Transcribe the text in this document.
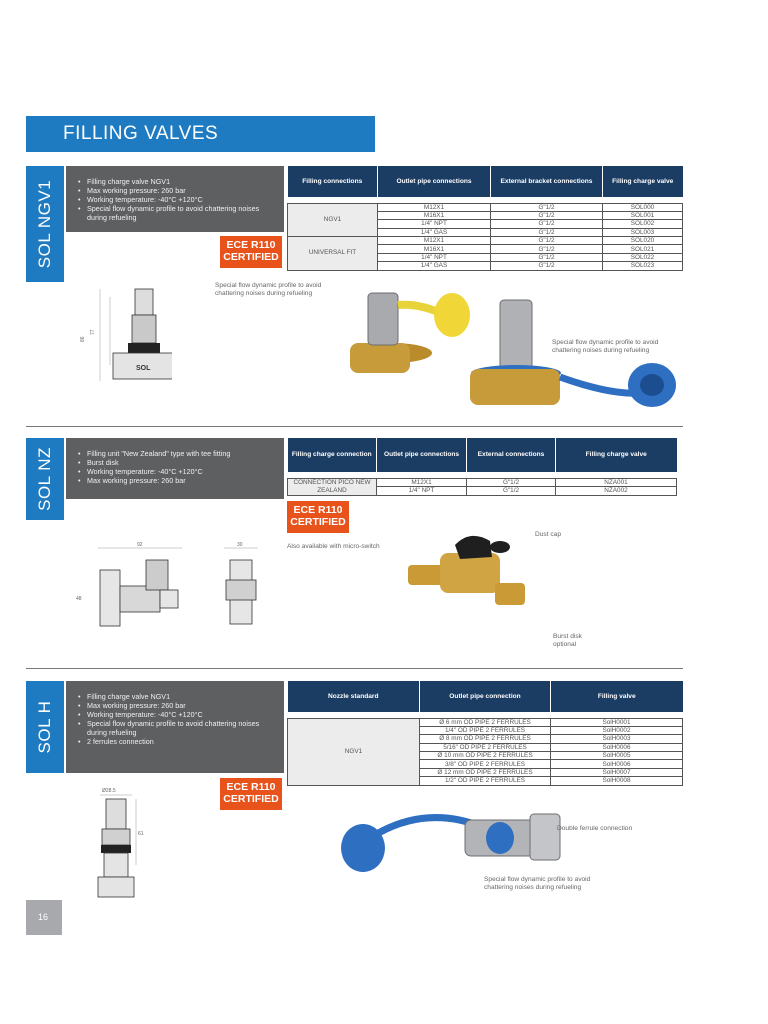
FILLING VALVES
SOL NGV1	• Filling charge valve NGV1
• Max working pressure: 260 bar
• Working temperature: -40°C +120°C
• Special flow dynamic profile to avoid chattering noises during refueling
ECE R110
CERTIFIED
Filling connections	Outlet pipe connections	External bracket connections	Filling charge valve

NGV1	M12X1	G"1/2	SOL000
	M16X1	G"1/2	SOL001
	1/4" NPT	G"1/2	SOL002
	1/4" GAS	G"1/2	SOL003
UNIVERSAL FIT	M12X1	G"1/2	SOL020
	M16X1	G"1/2	SOL021
	1/4" NPT	G"1/2	SOL022
	1/4" GAS	G"1/2	SOL023
86
77
SOL
Special flow dynamic profile to avoid chattering noises during refueling
Special flow dynamic profile to avoid chattering noises during refueling
SOL NZ	• Filling unit "New Zealand" type with tee fitting
• Burst disk
• Working temperature: -40°C +120°C
• Max working pressure: 260 bar
ECE R110
CERTIFIED
Filling charge connection	Outlet pipe connections	External connections	Filling charge valve

CONNECTION PICO NEW ZEALAND	M12X1	G"1/2	NZA001
	1/4" NPT	G"1/2	NZA002
92	30
48
Also available with micro-switch
Dust cap
Burst disk optional
SOL H
• Filling charge valve NGV1
• Max working pressure: 260 bar
• Working temperature: -40°C +120°C
• Special flow dynamic profile to avoid chattering noises during refueling
• 2 ferrules connection
ECE R110
CERTIFIED
Nozzle standard	Outlet pipe connection	Filling valve

NGV1	Ø 6 mm OD PIPE 2 FERRULES	SolH0001
	1/4" OD PIPE 2 FERRULES	SolH0002
	Ø 8 mm OD PIPE 2 FERRULES	SolH0003
	5/16" OD PIPE 2 FERRULES	SolH0006
	Ø 10 mm OD PIPE 2 FERRULES	SolH0005
	3/8" OD PIPE 2 FERRULES	SolH0006
	Ø 12 mm OD PIPE 2 FERRULES	SolH0007
	1/2" OD PIPE 2 FERRULES	SolH0008
Ø28.5
61
Double ferrule connection
Special flow dynamic profile to avoid chattering noises during refueling
16
